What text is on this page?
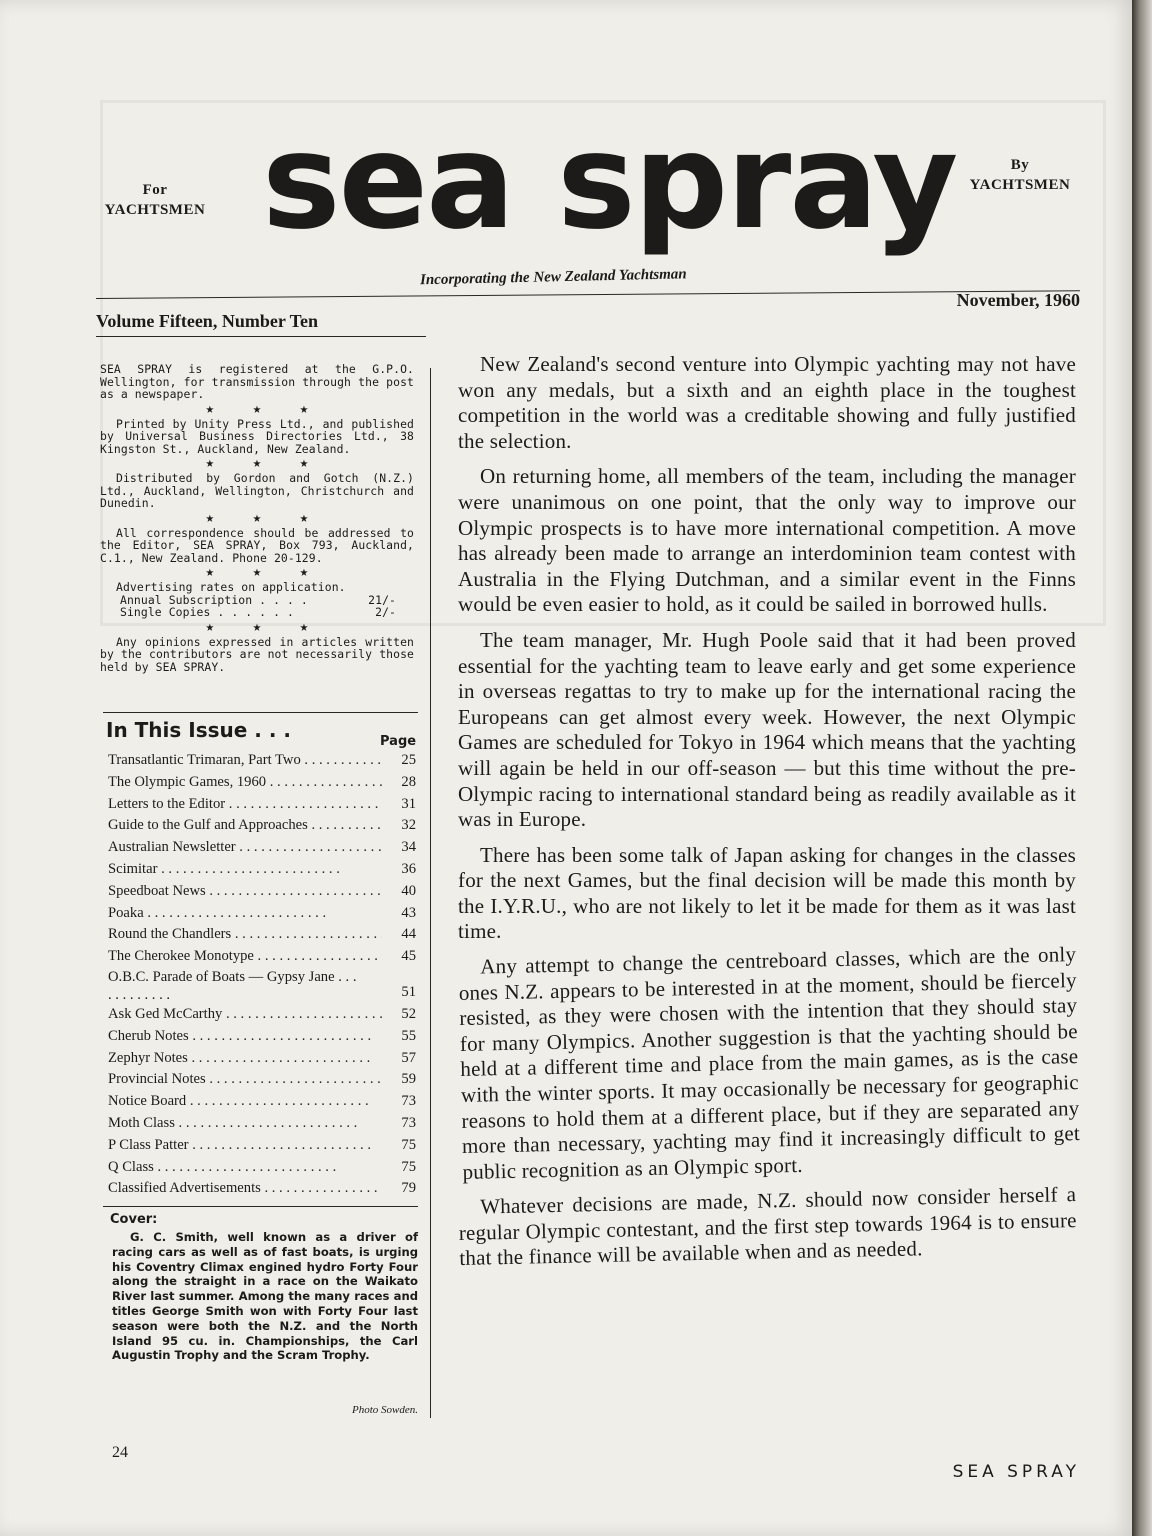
For
YACHTSMEN sea spray	By
YACHTSMEN
Incorporating the New Zealand Yachtsman
November, 1960
Volume Fifteen, Number Ten

SEA SPRAY is registered at the G.P.O. Wellington, for transmission through the post as a newspaper.

★ ★ ★

Printed by Unity Press Ltd., and published by Universal Business Directories Ltd., 38 Kingston St., Auckland, New Zealand.

★ ★ ★

Distributed by Gordon and Gotch (N.Z.) Ltd., Auckland, Wellington, Christchurch and Dunedin.

★ ★ ★

All correspondence should be addressed to the Editor, SEA SPRAY, Box 793, Auckland, C.1., New Zealand. Phone 20-129.

★ ★ ★

Advertising rates on application.

Annual Subscription . . . .	21/-
Single Copies . . . . . .	2/-
★ ★ ★

Any opinions expressed in articles written by the contributors are not necessarily those held by SEA SPRAY.

In This Issue . . .	Page
Transatlantic Trimaran, Part Two . . .	25
The Olympic Games, 1960 . . .	28
Letters to the Editor . . .	31
Guide to the Gulf and Approaches . . .	32
Australian Newsletter . . .	34
Scimitar . . .	36
Speedboat News . . .	40
Poaka . . .	43
Round the Chandlers . . .	44
The Cherokee Monotype . . .	45
O.B.C. Parade of Boats — Gypsy Jane . . . . . . . . . . . .	51
Ask Ged McCarthy . . .	52
Cherub Notes . . .	55
Zephyr Notes . . .	57
Provincial Notes . . .	59
Notice Board . . .	73
Moth Class . . .	73
P Class Patter . . .	75
Q Class . . .	75
Classified Advertisements . . .	79
Cover:

G. C. Smith, well known as a driver of racing cars as well as of fast boats, is urging his Coventry Climax engined hydro Forty Four along the straight in a race on the Waikato River last summer. Among the many races and titles George Smith won with Forty Four last season were both the N.Z. and the North Island 95 cu. in. Championships, the Carl Augustin Trophy and the Scram Trophy.

Photo Sowden.

New Zealand's second venture into Olympic yachting may not have won any medals, but a sixth and an eighth place in the toughest competition in the world was a creditable showing and fully justified the selection.

On returning home, all members of the team, including the manager were unanimous on one point, that the only way to improve our Olympic prospects is to have more international competition. A move has already been made to arrange an interdominion team contest with Australia in the Flying Dutchman, and a similar event in the Finns would be even easier to hold, as it could be sailed in borrowed hulls.

The team manager, Mr. Hugh Poole said that it had been proved essential for the yachting team to leave early and get some experience in overseas regattas to try to make up for the international racing the Europeans can get almost every week. However, the next Olympic Games are scheduled for Tokyo in 1964 which means that the yachting will again be held in our off-season — but this time without the pre-Olympic racing to international standard being as readily available as it was in Europe.

There has been some talk of Japan asking for changes in the classes for the next Games, but the final decision will be made this month by the I.Y.R.U., who are not likely to let it be made for them as it was last time.

Any attempt to change the centreboard classes, which are the only ones N.Z. appears to be interested in at the moment, should be fiercely resisted, as they were chosen with the intention that they should stay for many Olympics. Another suggestion is that the yachting should be held at a different time and place from the main games, as is the case with the winter sports. It may occasionally be necessary for geographic reasons to hold them at a different place, but if they are separated any more than necessary, yachting may find it increasingly difficult to get public recognition as an Olympic sport.

Whatever decisions are made, N.Z. should now consider herself a regular Olympic contestant, and the first step towards 1964 is to ensure that the finance will be available when and as needed.

24
SEA SPRAY
